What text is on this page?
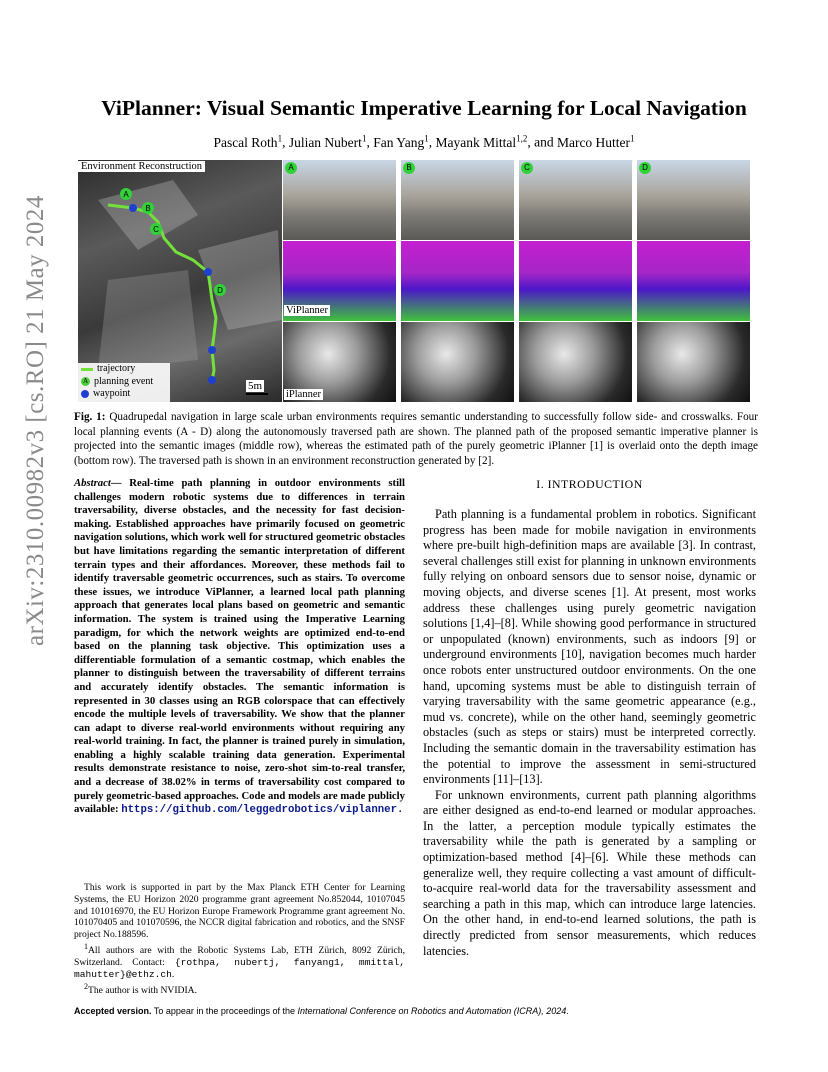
arXiv:2310.00982v3 [cs.RO] 21 May 2024
ViPlanner: Visual Semantic Imperative Learning for Local Navigation
Pascal Roth$^1$, Julian Nubert$^1$, Fan Yang$^1$, Mayank Mittal$^{1,2}$, and Marco Hutter$^1$
A
B
C
D
Environment Reconstruction
trajectory
A planning event
waypoint
5m
A	B	C	D
ViPlanner
iPlanner

Fig. 1: Quadrupedal navigation in large scale urban environments requires semantic understanding to successfully follow side- and crosswalks. Four local planning events (A - D) along the autonomously traversed path are shown. The planned path of the proposed semantic imperative planner is projected into the semantic images (middle row), whereas the estimated path of the purely geometric iPlanner [1] is overlaid onto the depth image (bottom row). The traversed path is shown in an environment reconstruction generated by [2].

Abstract— Real-time path planning in outdoor environments still challenges modern robotic systems due to differences in terrain traversability, diverse obstacles, and the necessity for fast decision-making. Established approaches have primarily focused on geometric navigation solutions, which work well for structured geometric obstacles but have limitations regarding the semantic interpretation of different terrain types and their affordances. Moreover, these methods fail to identify traversable geometric occurrences, such as stairs. To overcome these issues, we introduce ViPlanner, a learned local path planning approach that generates local plans based on geometric and semantic information. The system is trained using the Imperative Learning paradigm, for which the network weights are optimized end-to-end based on the planning task objective. This optimization uses a differentiable formulation of a semantic costmap, which enables the planner to distinguish between the traversability of different terrains and accurately identify obstacles. The semantic information is represented in 30 classes using an RGB colorspace that can effectively encode the multiple levels of traversability. We show that the planner can adapt to diverse real-world environments without requiring any real-world training. In fact, the planner is trained purely in simulation, enabling a highly scalable training data generation. Experimental results demonstrate resistance to noise, zero-shot sim-to-real transfer, and a decrease of 38.02% in terms of traversability cost compared to purely geometric-based approaches. Code and models are made publicly available: https://github.com/leggedrobotics/viplanner.

This work is supported in part by the Max Planck ETH Center for Learning Systems, the EU Horizon 2020 programme grant agreement No.852044, 10107045 and 101016970, the EU Horizon Europe Framework Programme grant agreement No. 101070405 and 101070596, the NCCR digital fabrication and robotics, and the SNSF project No.188596.

$^1$All authors are with the Robotic Systems Lab, ETH Zürich, 8092 Zürich, Switzerland. Contact: {rothpa, nubertj, fanyang1, mmittal, mahutter}@ethz.ch.

$^2$The author is with NVIDIA.

I. INTRODUCTION

Path planning is a fundamental problem in robotics. Significant progress has been made for mobile navigation in environments where pre-built high-definition maps are available [3]. In contrast, several challenges still exist for planning in unknown environments fully relying on onboard sensors due to sensor noise, dynamic or moving objects, and diverse scenes [1]. At present, most works address these challenges using purely geometric navigation solutions [1,4]–[8]. While showing good performance in structured or unpopulated (known) environments, such as indoors [9] or underground environments [10], navigation becomes much harder once robots enter unstructured outdoor environments. On the one hand, upcoming systems must be able to distinguish terrain of varying traversability with the same geometric appearance (e.g., mud vs. concrete), while on the other hand, seemingly geometric obstacles (such as steps or stairs) must be interpreted correctly. Including the semantic domain in the traversability estimation has the potential to improve the assessment in semi-structured environments [11]–[13].

For unknown environments, current path planning algorithms are either designed as end-to-end learned or modular approaches. In the latter, a perception module typically estimates the traversability while the path is generated by a sampling or optimization-based method [4]–[6]. While these methods can generalize well, they require collecting a vast amount of difficult-to-acquire real-world data for the traversability assessment and searching a path in this map, which can introduce large latencies. On the other hand, in end-to-end learned solutions, the path is directly predicted from sensor measurements, which reduces latencies.

Accepted version. To appear in the proceedings of the International Conference on Robotics and Automation (ICRA), 2024.
